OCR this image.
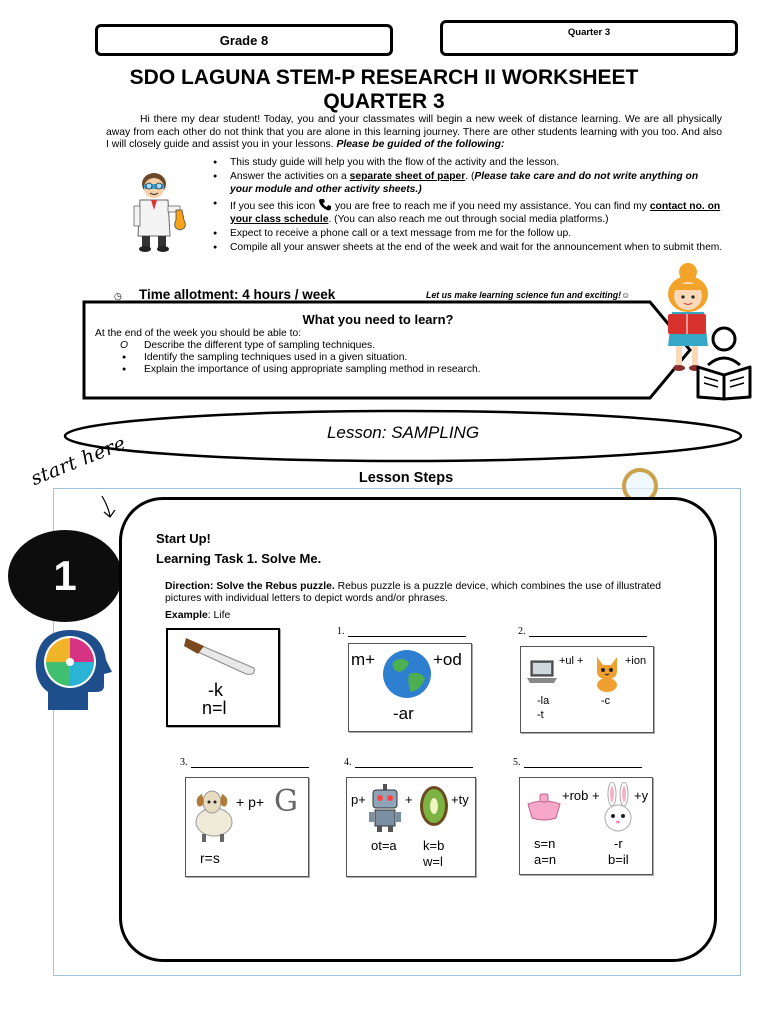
Grade 8
Quarter 3
SDO LAGUNA STEM-P RESEARCH II WORKSHEET
QUARTER 3
Hi there my dear student! Today, you and your classmates will begin a new week of distance learning. We are all physically away from each other do not think that you are alone in this learning journey. There are other students learning with you too. And also I will closely guide and assist you in your lessons. Please be guided of the following:
● This study guide will help you with the flow of the activity and the lesson.
● Answer the activities on a separate sheet of paper. (Please take care and do not write anything on your module and other activity sheets.)
● If you see this icon  you are free to reach me if you need my assistance. You can find my contact no. on your class schedule. (You can also reach me out through social media platforms.)
● Expect to receive a phone call or a text message from me for the follow up.
● Compile all your answer sheets at the end of the week and wait for the announcement when to submit them.
◷ Time allotment: 4 hours / week	Let us make learning science fun and exciting!☺
What you need to learn?
At the end of the week you should be able to:
O Describe the different type of sampling techniques.
● Identify the sampling techniques used in a given situation.
● Explain the importance of using appropriate sampling method in research.
Lesson: SAMPLING
Lesson Steps
start here
1
Start Up!
Learning Task 1. Solve Me.
Direction: Solve the Rebus puzzle. Rebus puzzle is a puzzle device, which combines the use of illustrated pictures with individual letters to depict words and/or phrases.
Example: Life
-k
n=l
1.
m+	+od
-ar
2.
+ul +	+ion
-la
-t
-c
3.
+ p+ G
r=s
4.
p+	+	+ty
ot=a k=b
w=l
5.
+rob +	+y
s=n
a=n
-r
b=il
